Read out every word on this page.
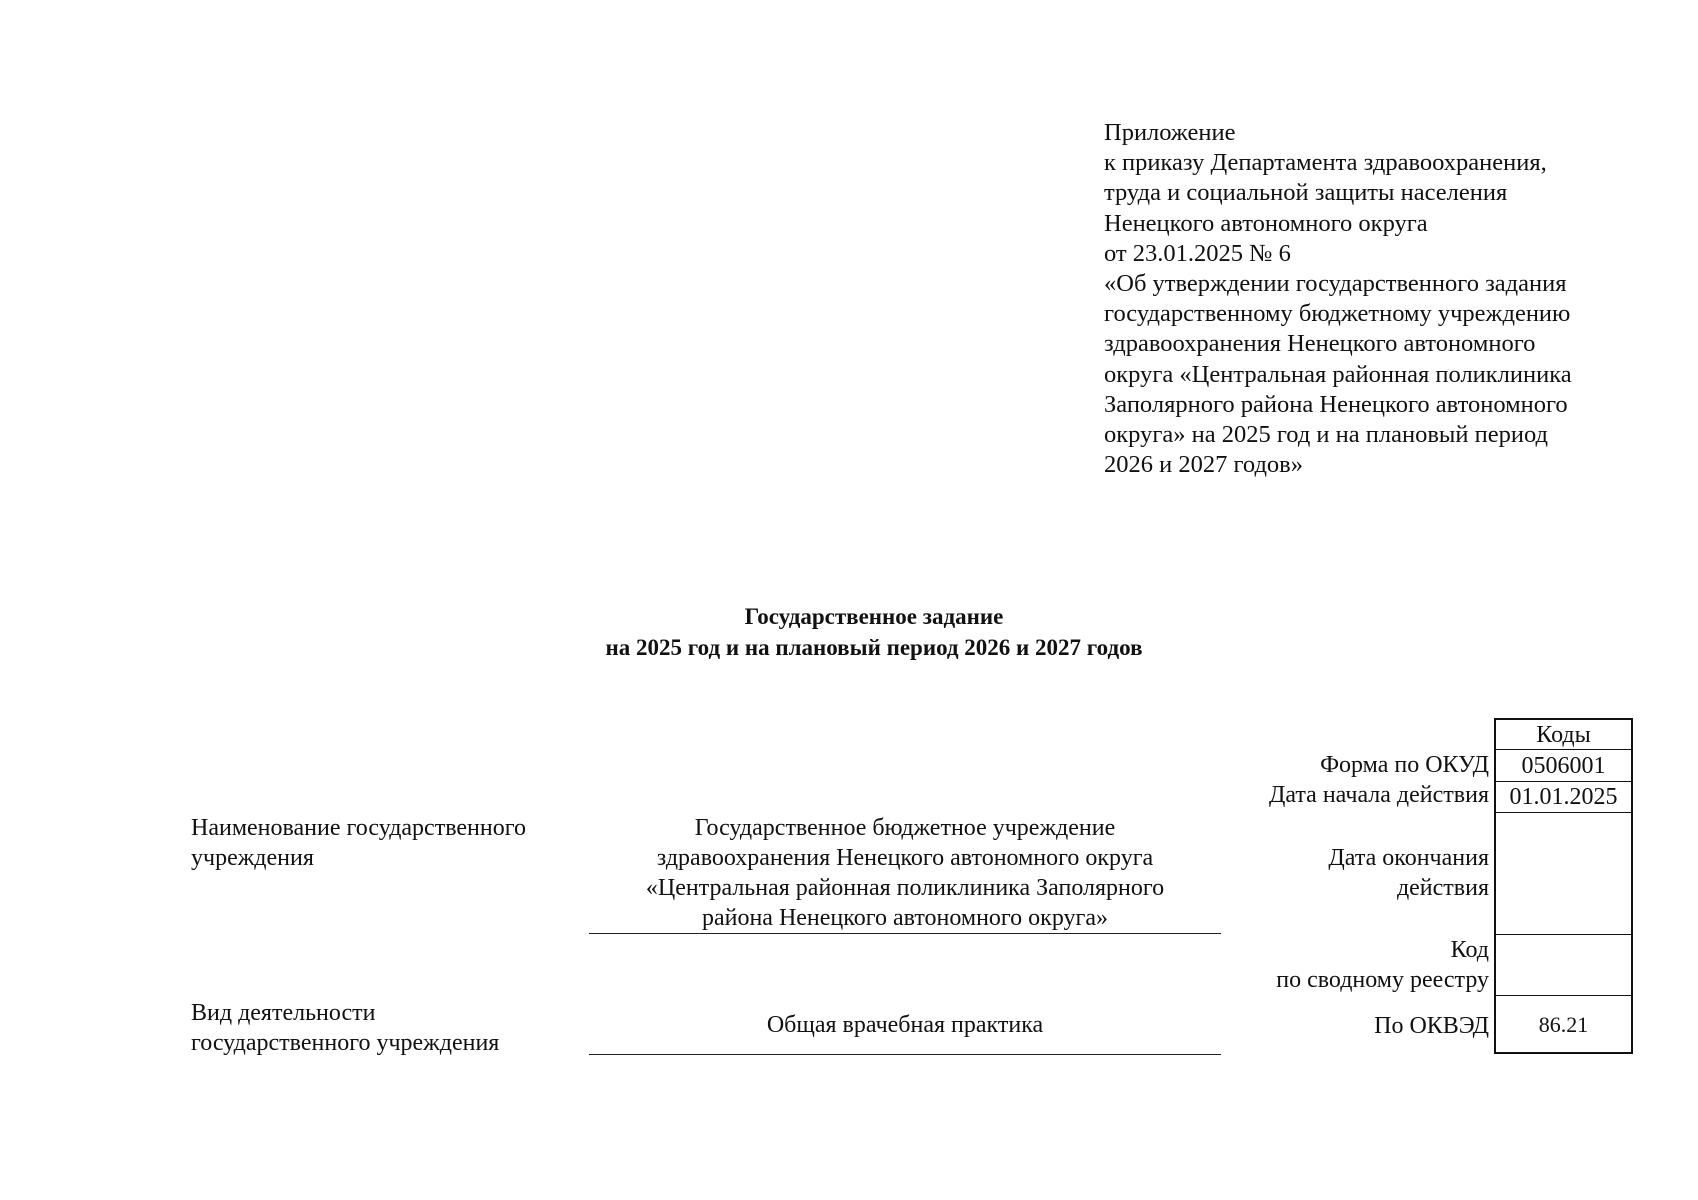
Приложение
к приказу Департамента здравоохранения,
труда и социальной защиты населения
Ненецкого автономного округа
от 23.01.2025 № 6
«Об утверждении государственного задания
государственному бюджетному учреждению
здравоохранения Ненецкого автономного
округа «Центральная районная поликлиника
Заполярного района Ненецкого автономного
округа» на 2025 год и на плановый период
2026 и 2027 годов»
Государственное задание
на 2025 год и на плановый период 2026 и 2027 годов
Наименование государственного
учреждения
Государственное бюджетное учреждение
здравоохранения Ненецкого автономного округа
«Центральная районная поликлиника Заполярного
района Ненецкого автономного округа»
Вид деятельности
государственного учреждения
Общая врачебная практика
Форма по ОКУД
Дата начала действия
Дата окончания
действия
Код
по сводному реестру
По ОКВЭД
Коды
0506001
01.01.2025
86.21
